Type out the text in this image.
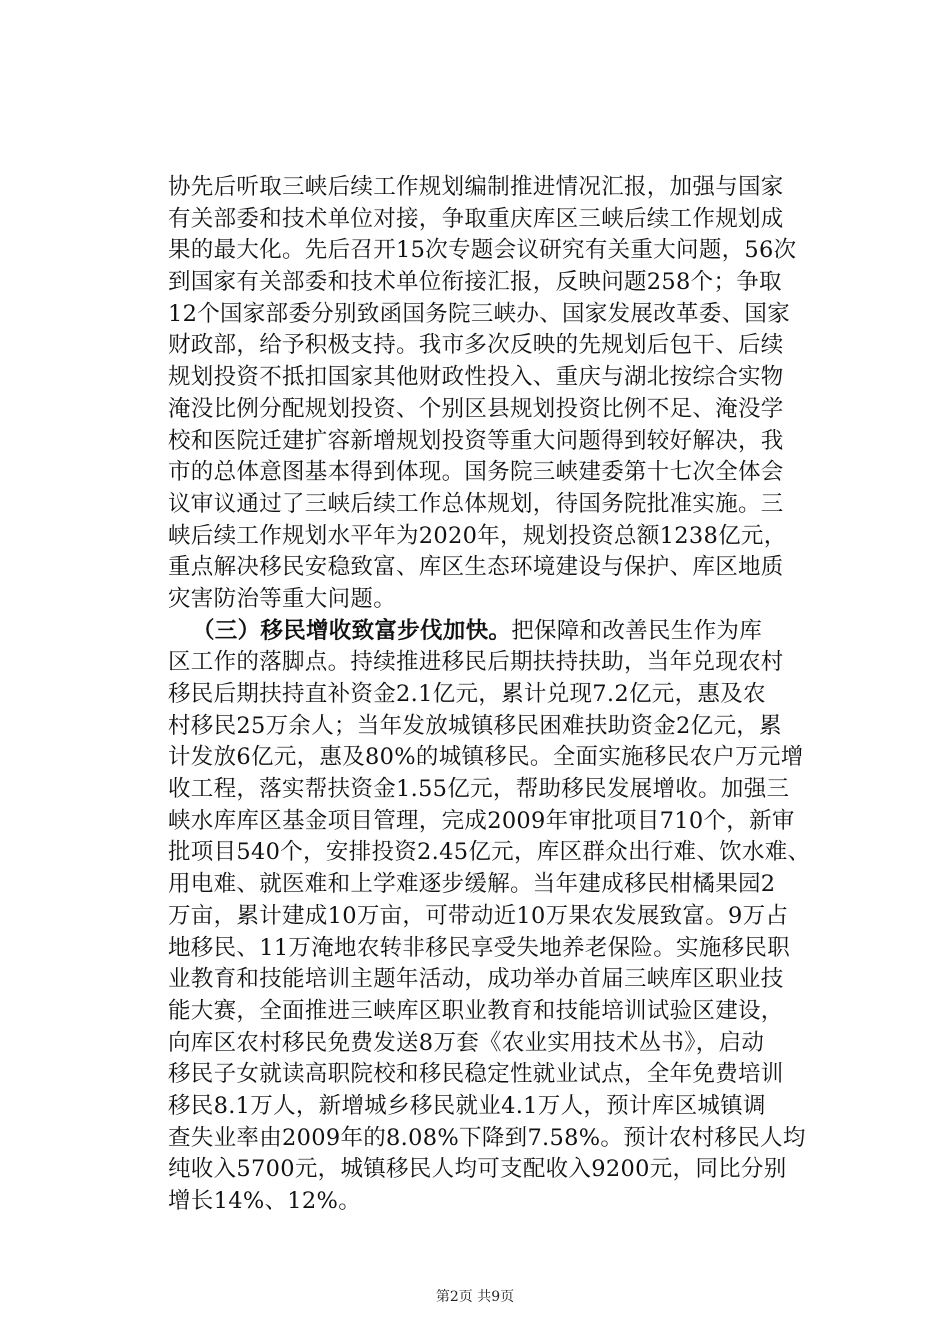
协先后听取三峡后续工作规划编制推进情况汇报，加强与国家
有关部委和技术单位对接，争取重庆库区三峡后续工作规划成
果的最大化。先后召开15次专题会议研究有关重大问题，56次
到国家有关部委和技术单位衔接汇报，反映问题258个；争取
12个国家部委分别致函国务院三峡办、国家发展改革委、国家
财政部，给予积极支持。我市多次反映的先规划后包干、后续
规划投资不抵扣国家其他财政性投入、重庆与湖北按综合实物
淹没比例分配规划投资、个别区县规划投资比例不足、淹没学
校和医院迁建扩容新增规划投资等重大问题得到较好解决，我
市的总体意图基本得到体现。国务院三峡建委第十七次全体会
议审议通过了三峡后续工作总体规划，待国务院批准实施。三
峡后续工作规划水平年为2020年，规划投资总额1238亿元，
重点解决移民安稳致富、库区生态环境建设与保护、库区地质
灾害防治等重大问题。
（三）移民增收致富步伐加快。把保障和改善民生作为库
区工作的落脚点。持续推进移民后期扶持扶助，当年兑现农村
移民后期扶持直补资金2.1亿元，累计兑现7.2亿元，惠及农
村移民25万余人；当年发放城镇移民困难扶助资金2亿元，累
计发放6亿元，惠及80%的城镇移民。全面实施移民农户万元增
收工程，落实帮扶资金1.55亿元，帮助移民发展增收。加强三
峡水库库区基金项目管理，完成2009年审批项目710个，新审
批项目540个，安排投资2.45亿元，库区群众出行难、饮水难、
用电难、就医难和上学难逐步缓解。当年建成移民柑橘果园2
万亩，累计建成10万亩，可带动近10万果农发展致富。9万占
地移民、11万淹地农转非移民享受失地养老保险。实施移民职
业教育和技能培训主题年活动，成功举办首届三峡库区职业技
能大赛，全面推进三峡库区职业教育和技能培训试验区建设，
向库区农村移民免费发送8万套《农业实用技术丛书》，启动
移民子女就读高职院校和移民稳定性就业试点，全年免费培训
移民8.1万人，新增城乡移民就业4.1万人，预计库区城镇调
查失业率由2009年的8.08%下降到7.58%。预计农村移民人均
纯收入5700元，城镇移民人均可支配收入9200元，同比分别
增长14%、12%。
第2页 共9页
